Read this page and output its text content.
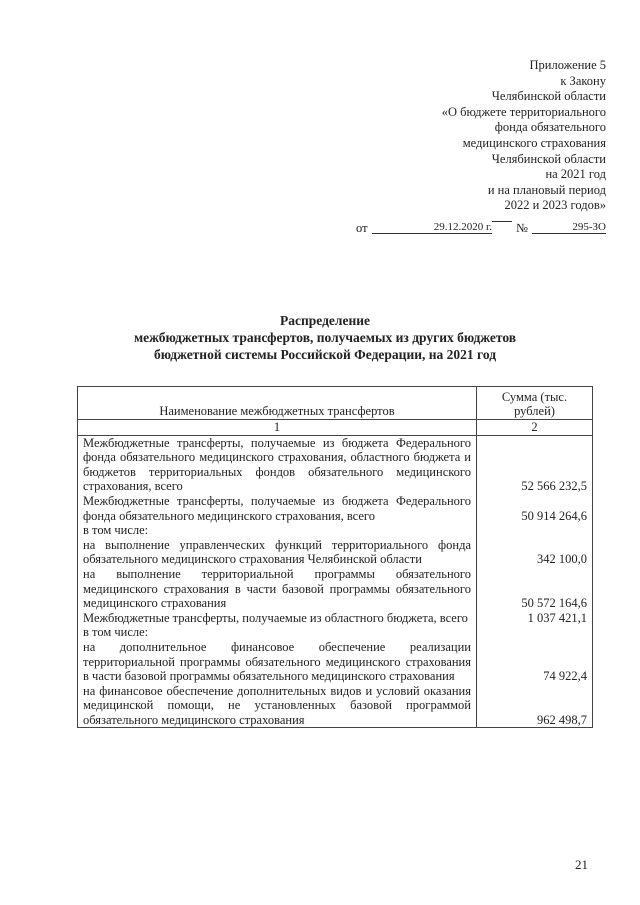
Приложение 5
к Закону
Челябинской области
«О бюджете территориального
фонда обязательного
медицинского страхования
Челябинской области
на 2021 год
и на плановый период
2022 и 2023 годов»
от	29.12.2020 г. №	295-ЗО
Распределение
межбюджетных трансфертов, получаемых из других бюджетов
бюджетной системы Российской Федерации, на 2021 год
Наименование межбюджетных трансфертов	Сумма (тыс. рублей)
1	2
Межбюджетные трансферты, получаемые из бюджета Федерального фонда обязательного медицинского страхования, областного бюджета и бюджетов территориальных фондов обязательного медицинского страхования, всего	52 566 232,5
Межбюджетные трансферты, получаемые из бюджета Федерального фонда обязательного медицинского страхования, всего	50 914 264,6
в том числе:	
на выполнение управленческих функций территориального фонда обязательного медицинского страхования Челябинской области	342 100,0
на выполнение территориальной программы обязательного медицинского страхования в части базовой программы обязательного медицинского страхования	50 572 164,6
Межбюджетные трансферты, получаемые из областного бюджета, всего	1 037 421,1
в том числе:	
на дополнительное финансовое обеспечение реализации территориальной программы обязательного медицинского страхования в части базовой программы обязательного медицинского страхования	74 922,4
на финансовое обеспечение дополнительных видов и условий оказания медицинской помощи, не установленных базовой программой обязательного медицинского страхования	962 498,7
21
